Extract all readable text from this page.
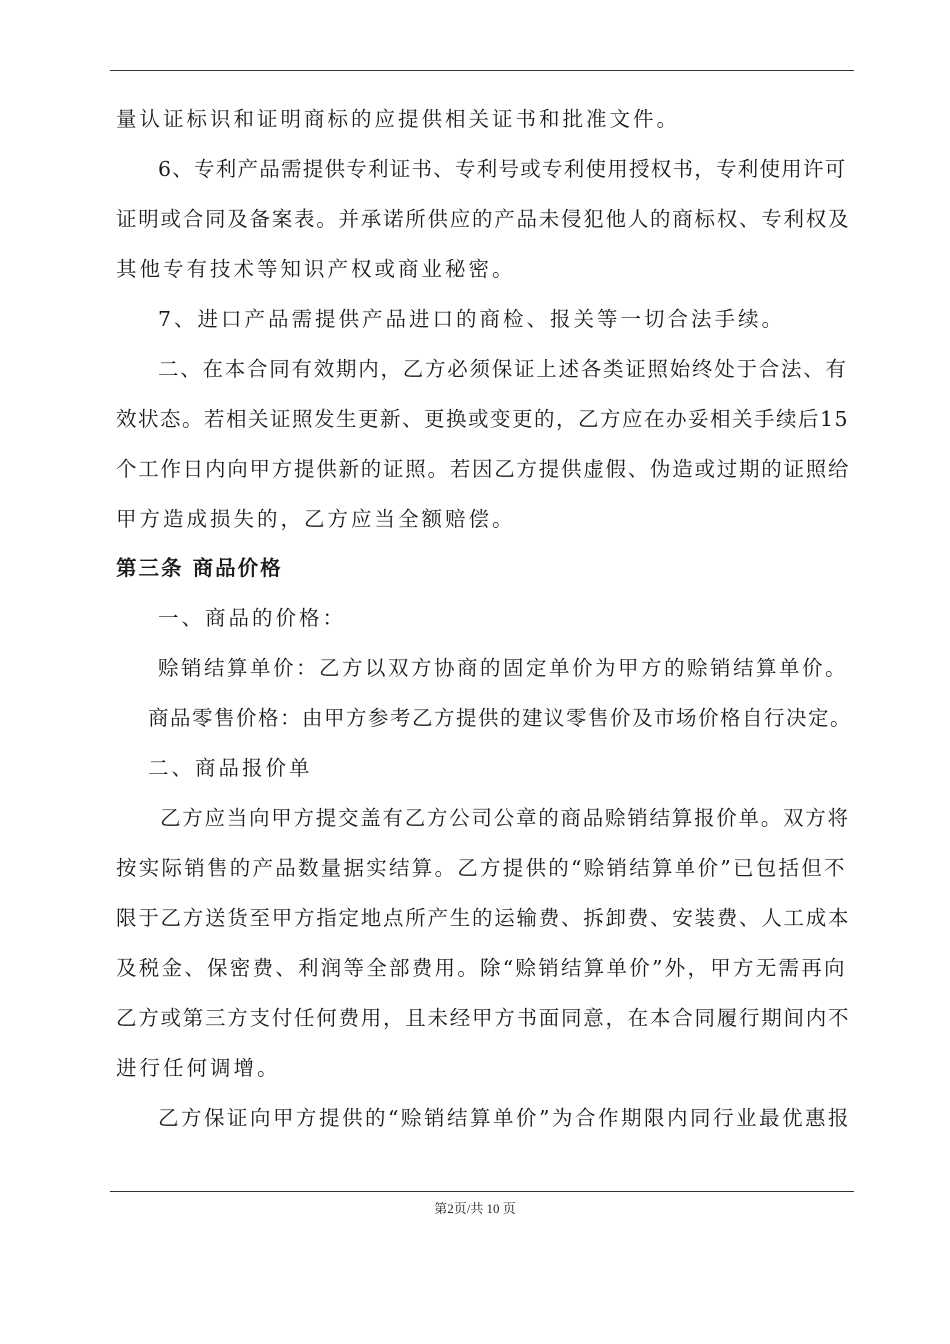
量认证标识和证明商标的应提供相关证书和批准文件。
6、专利产品需提供专利证书、专利号或专利使用授权书，专利使用许可
证明或合同及备案表。并承诺所供应的产品未侵犯他人的商标权、专利权及
其他专有技术等知识产权或商业秘密。
7、进口产品需提供产品进口的商检、报关等一切合法手续。
二、在本合同有效期内，乙方必须保证上述各类证照始终处于合法、有
效状态。若相关证照发生更新、更换或变更的，乙方应在办妥相关手续后15
个工作日内向甲方提供新的证照。若因乙方提供虚假、伪造或过期的证照给
甲方造成损失的，乙方应当全额赔偿。
第三条 商品价格
一、商品的价格：
赊销结算单价：乙方以双方协商的固定单价为甲方的赊销结算单价。
商品零售价格：由甲方参考乙方提供的建议零售价及市场价格自行决定。
二、商品报价单
乙方应当向甲方提交盖有乙方公司公章的商品赊销结算报价单。双方将
按实际销售的产品数量据实结算。乙方提供的“赊销结算单价”已包括但不
限于乙方送货至甲方指定地点所产生的运输费、拆卸费、安装费、人工成本
及税金、保密费、利润等全部费用。除“赊销结算单价”外，甲方无需再向
乙方或第三方支付任何费用，且未经甲方书面同意，在本合同履行期间内不
进行任何调增。
乙方保证向甲方提供的“赊销结算单价”为合作期限内同行业最优惠报
第2页/共 10 页
